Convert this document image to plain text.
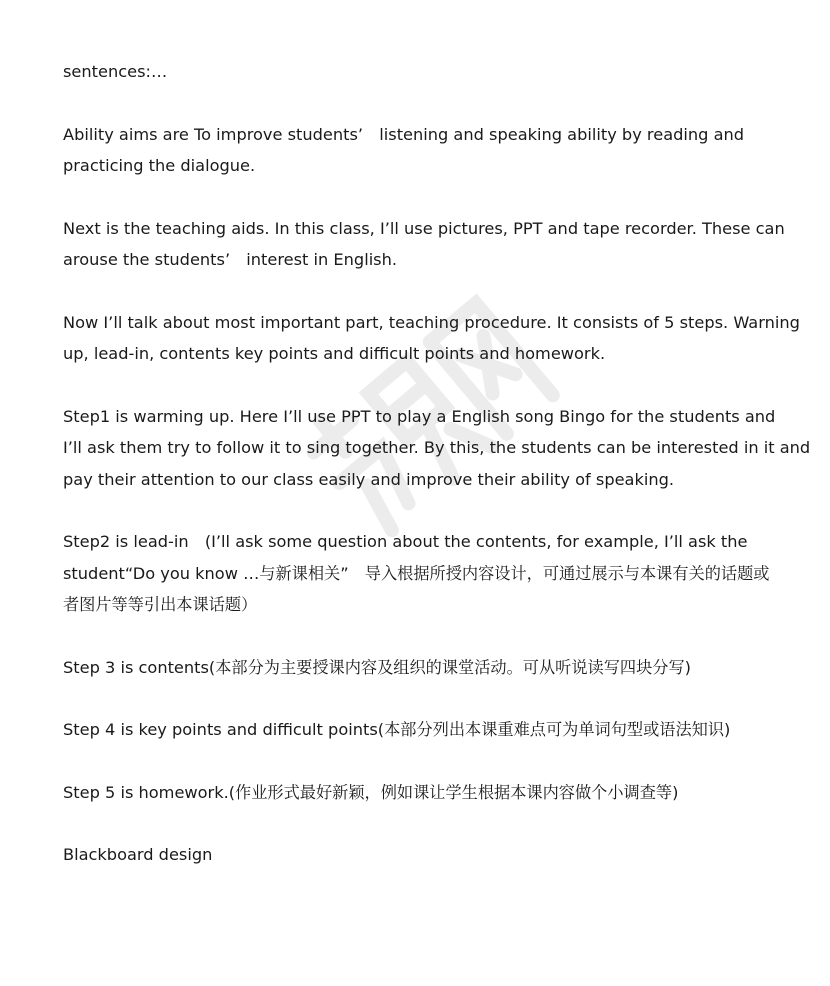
sentences:…

Ability aims are To improve students’　listening and speaking ability by reading and
practicing the dialogue.

Next is the teaching aids. In this class, I’ll use pictures, PPT and tape recorder. These can
arouse the students’　interest in English.

Now I’ll talk about most important part, teaching procedure. It consists of 5 steps. Warning
up, lead-in, contents key points and difficult points and homework.

Step1 is warming up. Here I’ll use PPT to play a English song Bingo for the students and
I’ll ask them try to follow it to sing together. By this, the students can be interested in it and
pay their attention to our class easily and improve their ability of speaking.

Step2 is lead-in　(I’ll ask some question about the contents, for example, I’ll ask the
student“Do you know …与新课相关”　导入根据所授内容设计，可通过展示与本课有关的话题或
者图片等等引出本课话题）

Step 3 is contents(本部分为主要授课内容及组织的课堂活动。可从听说读写四块分写)

Step 4 is key points and difficult points(本部分列出本课重难点可为单词句型或语法知识)

Step 5 is homework.(作业形式最好新颖，例如课让学生根据本课内容做个小调查等)

Blackboard design
